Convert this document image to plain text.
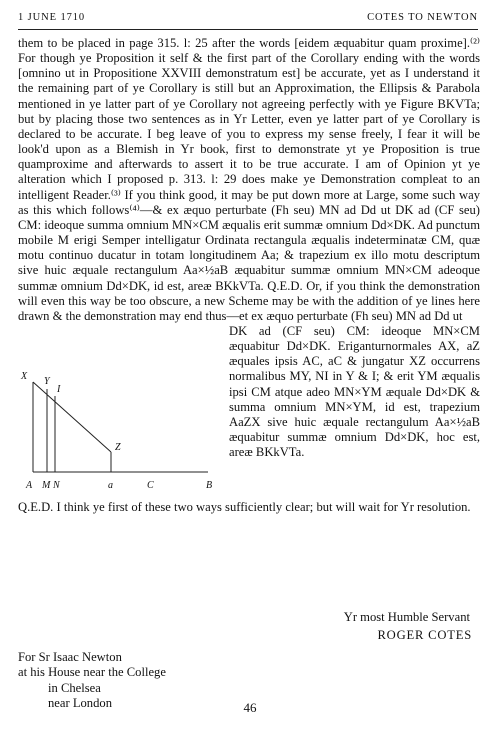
1 JUNE 1710	COTES TO NEWTON

them to be placed in page 315. l: 25 after the words [eidem æquabitur quam proxime].⁽²⁾ For though ye Proposition it self & the first part of the Corollary ending with the words [omnino ut in Propositione XXVIII demonstratum est] be accurate, yet as I understand it the remaining part of ye Corollary is still but an Approximation, the Ellipsis & Parabola mentioned in ye latter part of ye Corollary not agreeing perfectly with ye Figure BKVTa; but by placing those two sentences as in Yr Letter, even ye latter part of ye Corollary is declared to be accurate. I beg leave of you to express my sense freely, I fear it will be look'd upon as a Blemish in Yr book, first to demonstrate yt ye Proposition is true quamproxime and afterwards to assert it to be true accurate. I am of Opinion yt ye alteration which I proposed p. 313. l: 29 does make ye Demonstration compleat to an intelligent Reader.⁽³⁾ If you think good, it may be put down more at Large, some such way as this which follows⁽⁴⁾—& ex æquo perturbate (Fh seu) MN ad Dd ut DK ad (CF seu) CM: ideoque summa omnium MN×CM æqualis erit summæ omnium Dd×DK. Ad punctum mobile M erigi Semper intelligatur Ordinata rectangula æqualis indeterminatæ CM, quæ motu continuo ducatur in totam longitudinem Aa; & trapezium ex illo motu descriptum sive huic æquale rectangulum Aa×½aB æquabitur summæ omnium MN×CM adeoque summæ omnium Dd×DK, id est, areæ BKkVTa. Q.E.D. Or, if you think the demonstration will even this way be too obscure, a new Scheme may be with the addition of ye lines here drawn & the demonstration may end thus—et ex æquo perturbate (Fh seu) MN ad Dd ut

X Y
I
Z
A M N	a	C	B

DK ad (CF seu) CM: ideoque MN×CM æquabitur Dd×DK. Eriganturnormales AX, aZ æquales ipsis AC, aC & jungatur XZ occurrens normalibus MY, NI in Y & I; & erit YM æqualis ipsi CM atque adeo MN×YM æquale Dd×DK & summa omnium MN×YM, id est, trapezium AaZX sive huic æquale rectangulum Aa×½aB æquabitur summæ omnium Dd×DK, hoc est, areæ BKkVTa.

Q.E.D. I think ye first of these two ways sufficiently clear; but will wait for Yr resolution.

Yr most Humble Servant
ROGER COTES
For Sr Isaac Newton
at his House near the College
in Chelsea
near London	46
